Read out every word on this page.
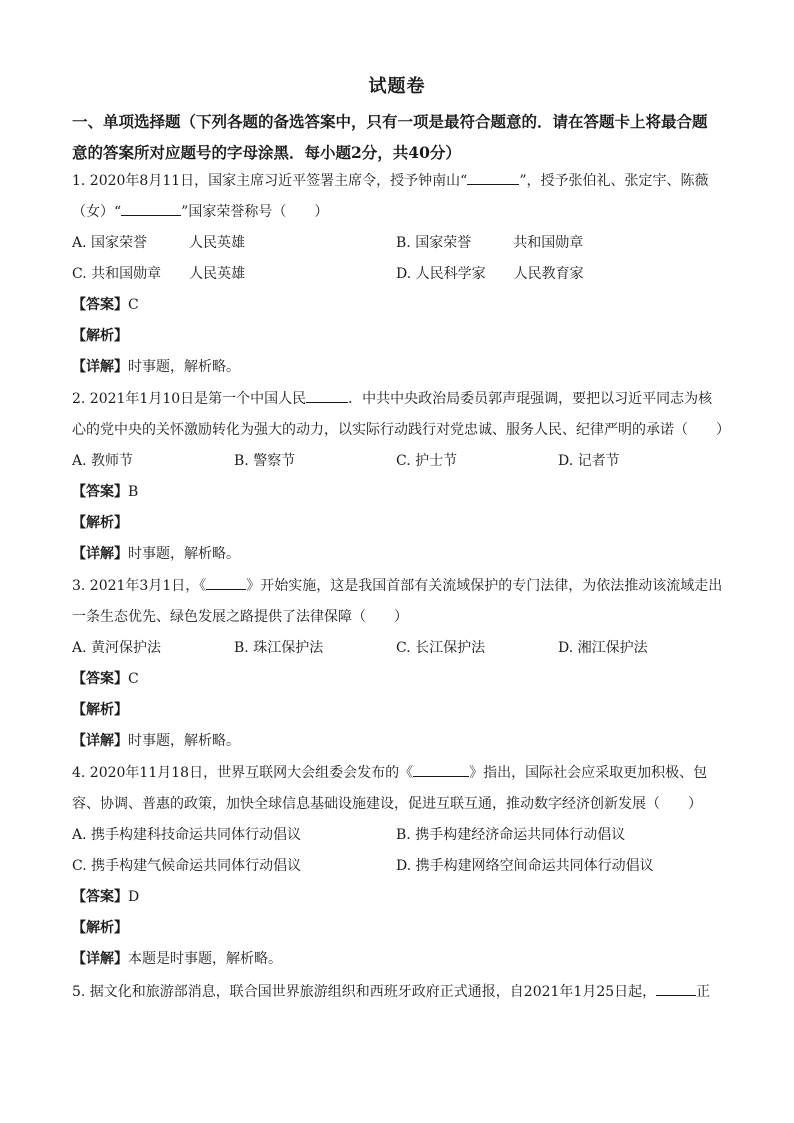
试题卷
一、单项选择题（下列各题的备选答案中，只有一项是最符合题意的．请在答题卡上将最合题意的答案所对应题号的字母涂黑．每小题2分，共40分）
1. 2020年8月11日，国家主席习近平签署主席令，授予钟南山“	”，授予张伯礼、张定宇、陈薇
（女）“	”国家荣誉称号（　　）
A. 国家荣誉　　　人民英雄	B. 国家荣誉　　　共和国勋章
C. 共和国勋章　　人民英雄	D. 人民科学家　　人民教育家
【答案】C
【解析】
【详解】时事题，解析略。
2. 2021年1月10日是第一个中国人民	．中共中央政治局委员郭声琨强调，要把以习近平同志为核心的党中央的关怀激励转化为强大的动力，以实际行动践行对党忠诚、服务人民、纪律严明的承诺（　　）
A. 教师节	B. 警察节	C. 护士节	D. 记者节
【答案】B
【解析】
【详解】时事题，解析略。
3. 2021年3月1日，《	》开始实施，这是我国首部有关流域保护的专门法律，为依法推动该流域走出一条生态优先、绿色发展之路提供了法律保障（　　）
A. 黄河保护法	B. 珠江保护法	C. 长江保护法	D. 湘江保护法
【答案】C
【解析】
【详解】时事题，解析略。
4. 2020年11月18日，世界互联网大会组委会发布的《	》指出，国际社会应采取更加积极、包容、协调、普惠的政策，加快全球信息基础设施建设，促进互联互通，推动数字经济创新发展（　　）
A. 携手构建科技命运共同体行动倡议	B. 携手构建经济命运共同体行动倡议
C. 携手构建气候命运共同体行动倡议	D. 携手构建网络空间命运共同体行动倡议
【答案】D
【解析】
【详解】本题是时事题，解析略。
5. 据文化和旅游部消息，联合国世界旅游组织和西班牙政府正式通报，自2021年1月25日起，	正
